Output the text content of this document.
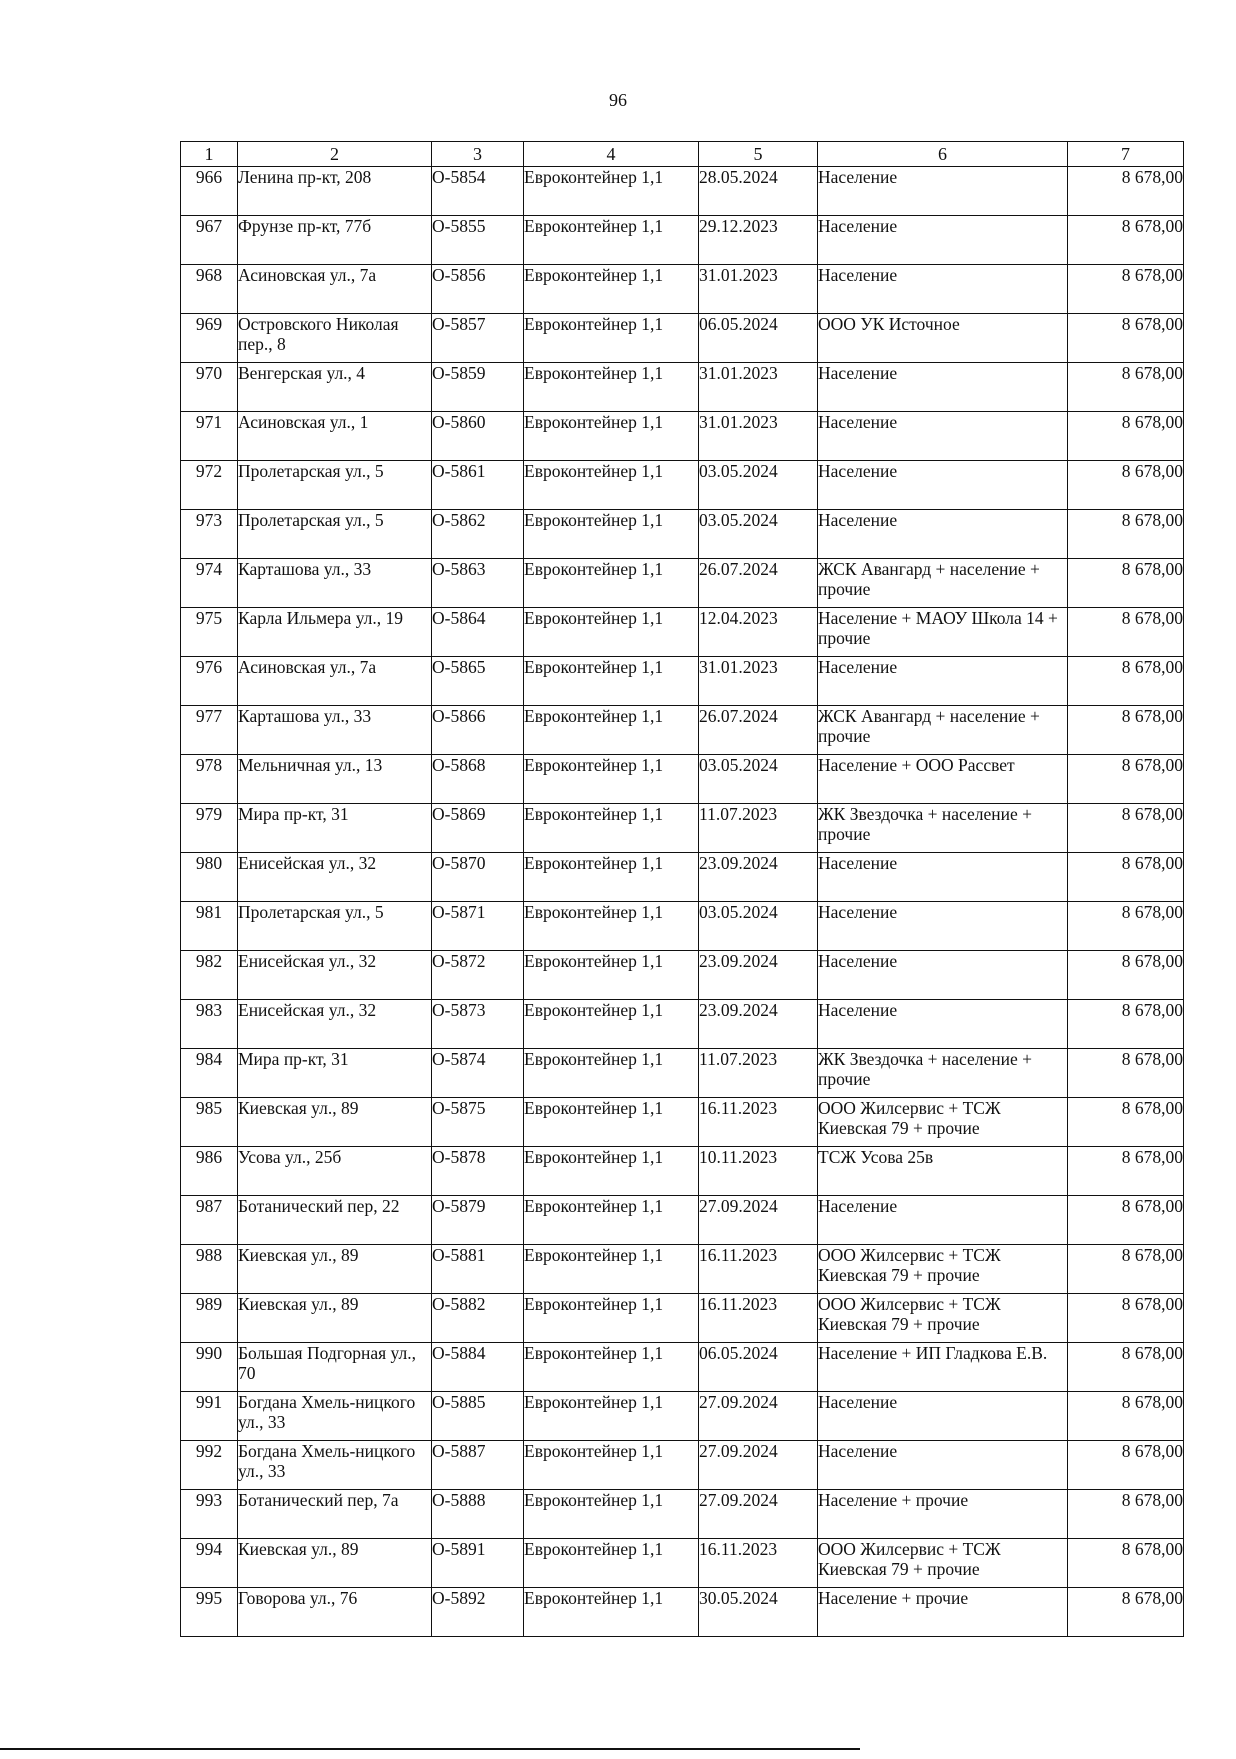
96
1	2	3	4	5	6	7
966	Ленина пр-кт, 208	О-5854	Евроконтейнер 1,1	28.05.2024	Население	8 678,00
967	Фрунзе пр-кт, 77б	О-5855	Евроконтейнер 1,1	29.12.2023	Население	8 678,00
968	Асиновская ул., 7а	О-5856	Евроконтейнер 1,1	31.01.2023	Население	8 678,00
969	Островского Николая пер., 8	О-5857	Евроконтейнер 1,1	06.05.2024	ООО УК Источное	8 678,00
970	Венгерская ул., 4	О-5859	Евроконтейнер 1,1	31.01.2023	Население	8 678,00
971	Асиновская ул., 1	О-5860	Евроконтейнер 1,1	31.01.2023	Население	8 678,00
972	Пролетарская ул., 5	О-5861	Евроконтейнер 1,1	03.05.2024	Население	8 678,00
973	Пролетарская ул., 5	О-5862	Евроконтейнер 1,1	03.05.2024	Население	8 678,00
974	Карташова ул., 33	О-5863	Евроконтейнер 1,1	26.07.2024	ЖСК Авангард + население + прочие	8 678,00
975	Карла Ильмера ул., 19	О-5864	Евроконтейнер 1,1	12.04.2023	Население + МАОУ Школа 14 + прочие	8 678,00
976	Асиновская ул., 7а	О-5865	Евроконтейнер 1,1	31.01.2023	Население	8 678,00
977	Карташова ул., 33	О-5866	Евроконтейнер 1,1	26.07.2024	ЖСК Авангард + население + прочие	8 678,00
978	Мельничная ул., 13	О-5868	Евроконтейнер 1,1	03.05.2024	Население + ООО Рассвет	8 678,00
979	Мира пр-кт, 31	О-5869	Евроконтейнер 1,1	11.07.2023	ЖК Звездочка + население + прочие	8 678,00
980	Енисейская ул., 32	О-5870	Евроконтейнер 1,1	23.09.2024	Население	8 678,00
981	Пролетарская ул., 5	О-5871	Евроконтейнер 1,1	03.05.2024	Население	8 678,00
982	Енисейская ул., 32	О-5872	Евроконтейнер 1,1	23.09.2024	Население	8 678,00
983	Енисейская ул., 32	О-5873	Евроконтейнер 1,1	23.09.2024	Население	8 678,00
984	Мира пр-кт, 31	О-5874	Евроконтейнер 1,1	11.07.2023	ЖК Звездочка + население + прочие	8 678,00
985	Киевская ул., 89	О-5875	Евроконтейнер 1,1	16.11.2023	ООО Жилсервис + ТСЖ Киевская 79 + прочие	8 678,00
986	Усова ул., 25б	О-5878	Евроконтейнер 1,1	10.11.2023	ТСЖ Усова 25в	8 678,00
987	Ботанический пер, 22	О-5879	Евроконтейнер 1,1	27.09.2024	Население	8 678,00
988	Киевская ул., 89	О-5881	Евроконтейнер 1,1	16.11.2023	ООО Жилсервис + ТСЖ Киевская 79 + прочие	8 678,00
989	Киевская ул., 89	О-5882	Евроконтейнер 1,1	16.11.2023	ООО Жилсервис + ТСЖ Киевская 79 + прочие	8 678,00
990	Большая Подгорная ул., 70	О-5884	Евроконтейнер 1,1	06.05.2024	Население + ИП Гладкова Е.В.	8 678,00
991	Богдана Хмель-ницкого ул., 33	О-5885	Евроконтейнер 1,1	27.09.2024	Население	8 678,00
992	Богдана Хмель-ницкого ул., 33	О-5887	Евроконтейнер 1,1	27.09.2024	Население	8 678,00
993	Ботанический пер, 7а	О-5888	Евроконтейнер 1,1	27.09.2024	Население + прочие	8 678,00
994	Киевская ул., 89	О-5891	Евроконтейнер 1,1	16.11.2023	ООО Жилсервис + ТСЖ Киевская 79 + прочие	8 678,00
995	Говорова ул., 76	О-5892	Евроконтейнер 1,1	30.05.2024	Население + прочие	8 678,00
